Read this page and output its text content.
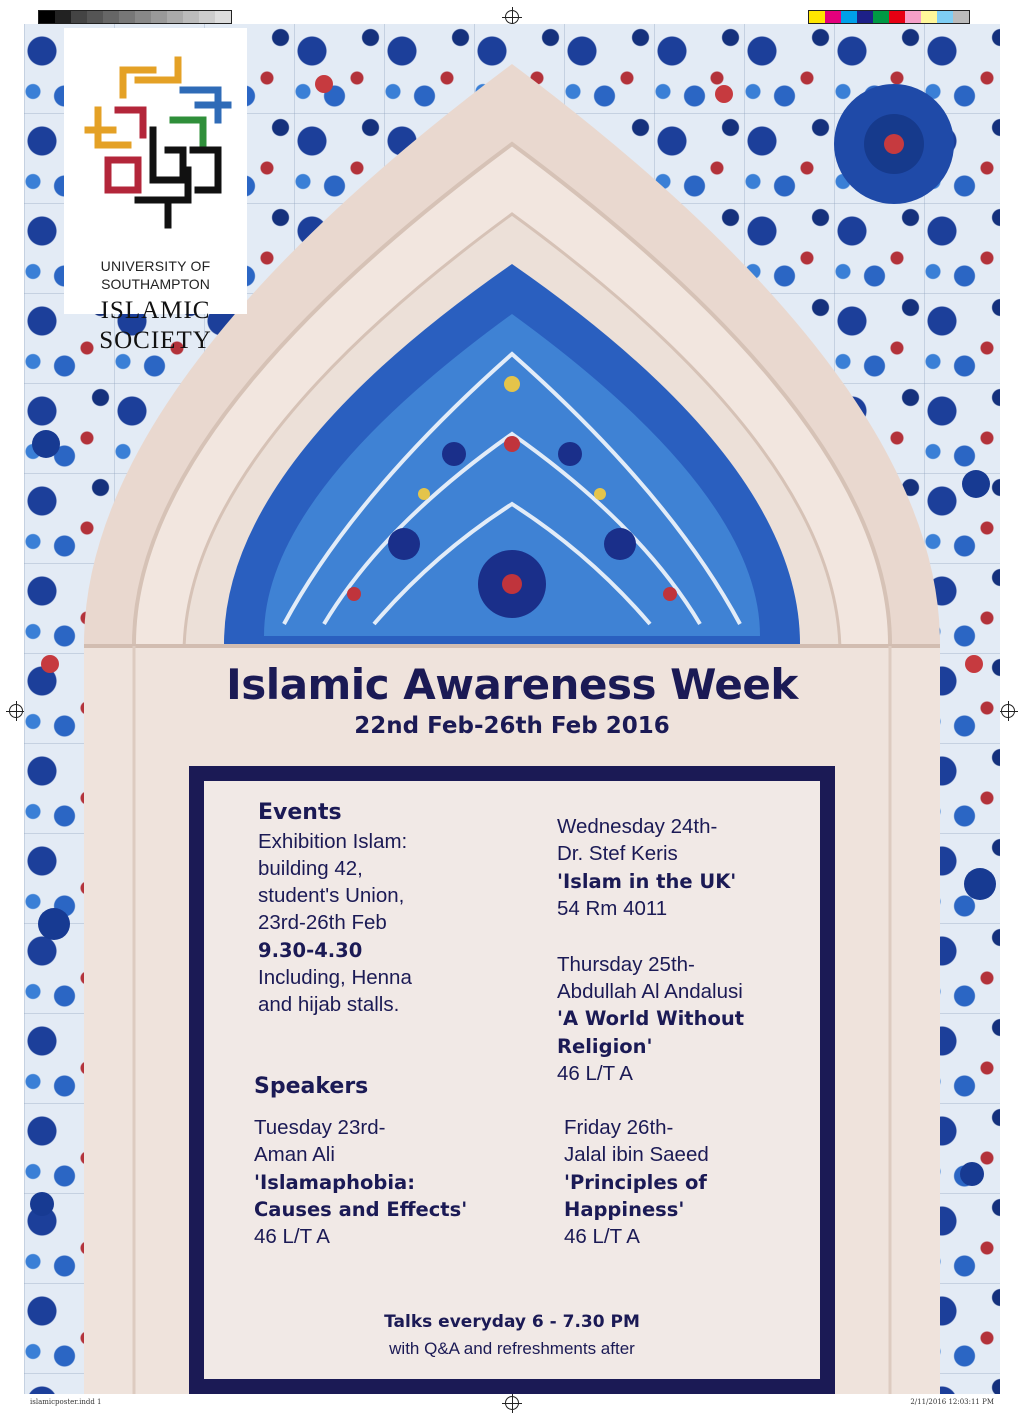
UNIVERSITY OF
SOUTHAMPTON
ISLAMIC SOCIETY
Islamic Awareness Week
22nd Feb-26th Feb 2016
Events
Exhibition Islam:
building 42,
student's Union,
23rd-26th Feb
9.30-4.30
Including, Henna
and hijab stalls.
Wednesday 24th-
Dr. Stef Keris
'Islam in the UK'
54 Rm 4011
Thursday 25th-
Abdullah Al Andalusi
'A World Without
Religion'
46 L/T A
Speakers
Tuesday 23rd-
Aman Ali
'Islamaphobia:
Causes and Effects'
46 L/T A
Friday 26th-
Jalal ibin Saeed
'Principles of
Happiness'
46 L/T A
Talks everyday 6 - 7.30 PM
with Q&A and refreshments after
islamicposter.indd 1	2/11/2016 12:03:11 PM
